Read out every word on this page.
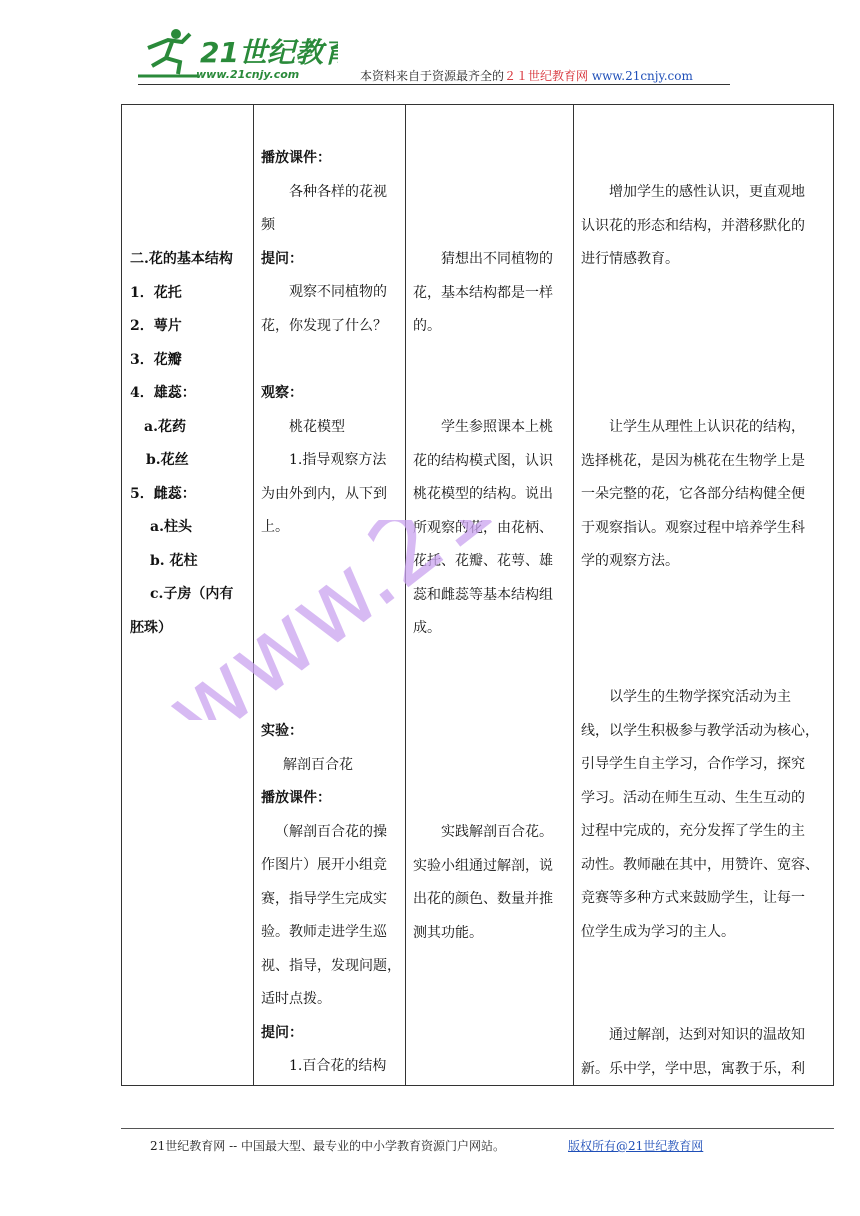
21世纪教育
www.21cnjy.com	本资料来自于资源最齐全的２１世纪教育网 www.21cnjy.com
二.花的基本结构
1．花托
2．萼片
3．花瓣
4．雄蕊：
a.花药
b.花丝
5．雌蕊：
a.柱头
b. 花柱
c.子房（内有
胚珠）
播放课件：
各种各样的花视
频
提问：
观察不同植物的
花，你发现了什么？
观察：
桃花模型
1.指导观察方法
为由外到内，从下到
上。
实验：
解剖百合花
播放课件：
（解剖百合花的操
作图片）展开小组竞
赛，指导学生完成实
验。教师走进学生巡
视、指导，发现问题，
适时点拨。
提问：
1.百合花的结构
猜想出不同植物的
花，基本结构都是一样
的。
学生参照课本上桃
花的结构模式图，认识
桃花模型的结构。说出
所观察的花，由花柄、
花托、花瓣、花萼、雄
蕊和雌蕊等基本结构组
成。
实践解剖百合花。
实验小组通过解剖，说
出花的颜色、数量并推
测其功能。
增加学生的感性认识，更直观地
认识花的形态和结构，并潜移默化的
进行情感教育。
让学生从理性上认识花的结构，
选择桃花，是因为桃花在生物学上是
一朵完整的花，它各部分结构健全便
于观察指认。观察过程中培养学生科
学的观察方法。
以学生的生物学探究活动为主
线，以学生积极参与教学活动为核心，
引导学生自主学习，合作学习，探究
学习。活动在师生互动、生生互动的
过程中完成的，充分发挥了学生的主
动性。教师融在其中，用赞许、宽容、
竞赛等多种方式来鼓励学生，让每一
位学生成为学习的主人。
通过解剖，达到对知识的温故知
新。乐中学，学中思，寓教于乐，利
21世纪教育网 -- 中国最大型、最专业的中小学教育资源门户网站。	版权所有@21世纪教育网
